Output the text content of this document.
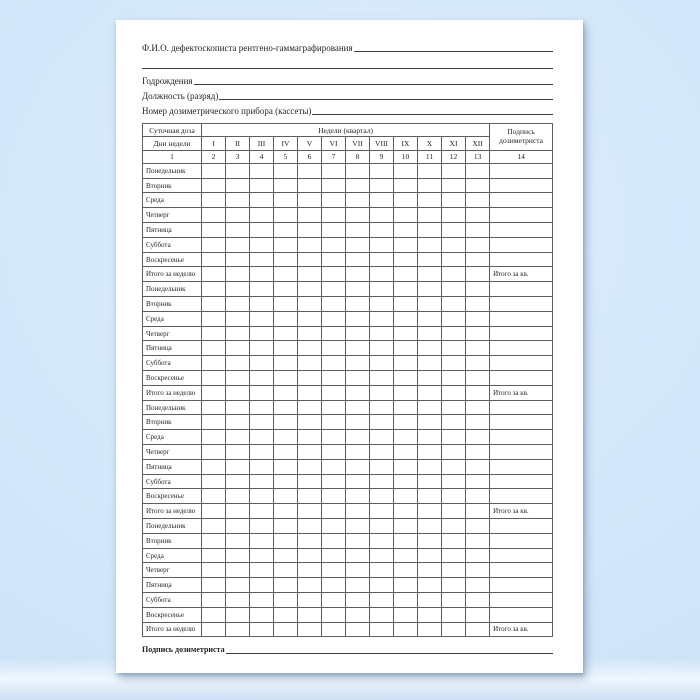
Ф.И.О. дефектоскописта рентгено-гаммаграфирования
Годрождения
Должность (разряд)
Номер дозиметрического прибора (кассеты)
Суточная доза	Недели (квартал)												Подпись дозиметриста
Дни недели	I	II	III	IV	V	VI	VII	VIII	IX	X	XI	XII	
1	2	3	4	5	6	7	8	9	10	11	12	13	14
Понедельник													
Вторник													
Среда													
Четверг													
Пятница													
Суббота													
Воскресенье													
Итого за неделю													Итого за кв.
Понедельник													
Вторник													
Среда													
Четверг													
Пятница													
Суббота													
Воскресенье													
Итого за неделю													Итого за кв.
Понедельник													
Вторник													
Среда													
Четверг													
Пятница													
Суббота													
Воскресенье													
Итого за неделю													Итого за кв.
Понедельник													
Вторник													
Среда													
Четверг													
Пятница													
Суббота													
Воскресенье													
Итого за неделю													Итого за кв.
Подпись дозиметриста
